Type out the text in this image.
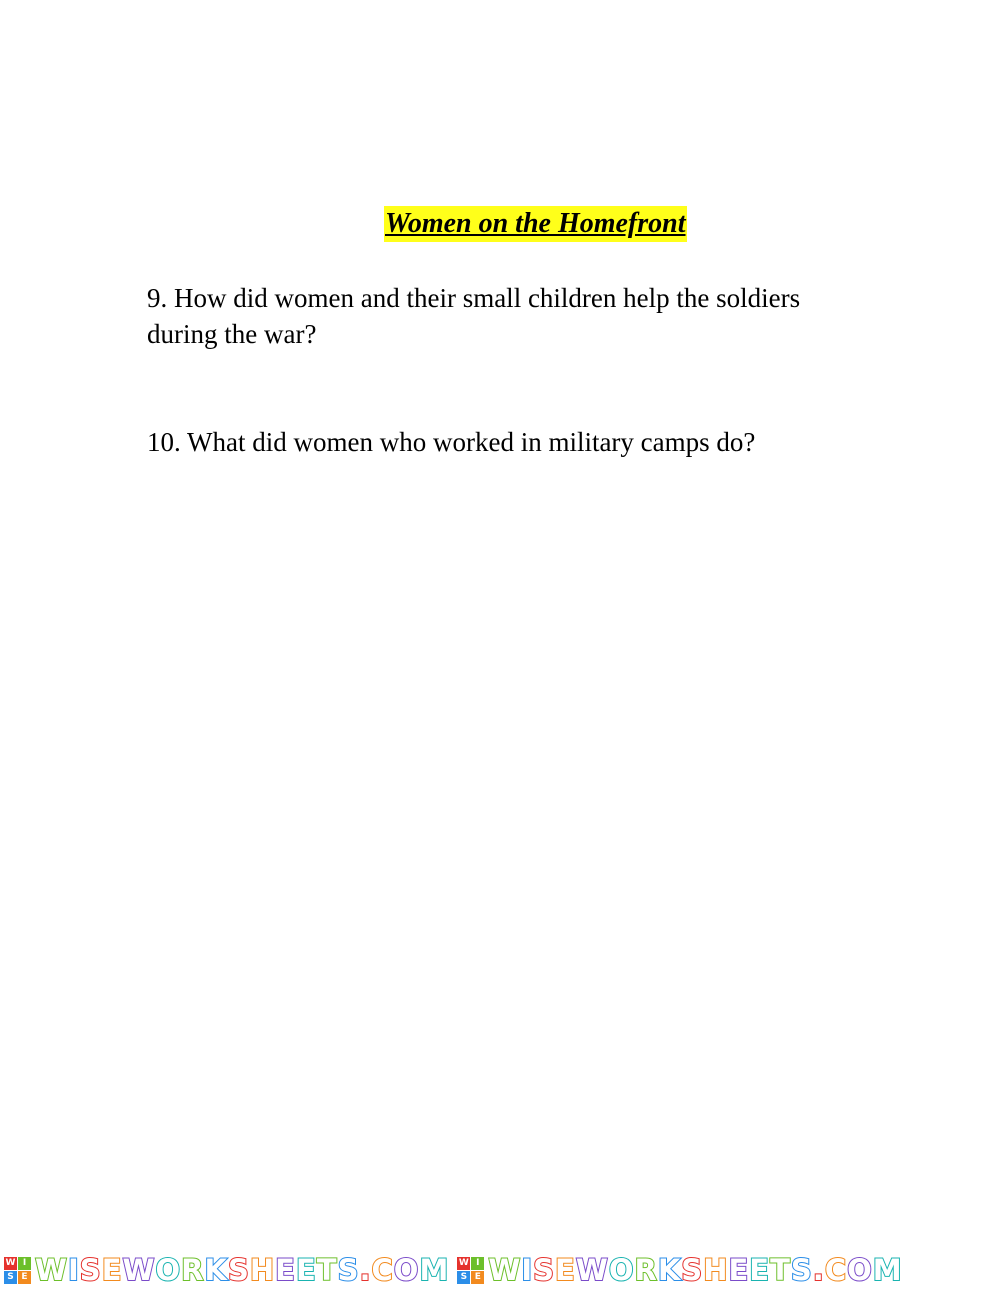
Women on the Homefront
9. How did women and their small children help the soldiers during the war?
10. What did women who worked in military camps do?
W I
S E WISEWORKSHEETS.COM W I
S E WISEWORKSHEETS.COM
